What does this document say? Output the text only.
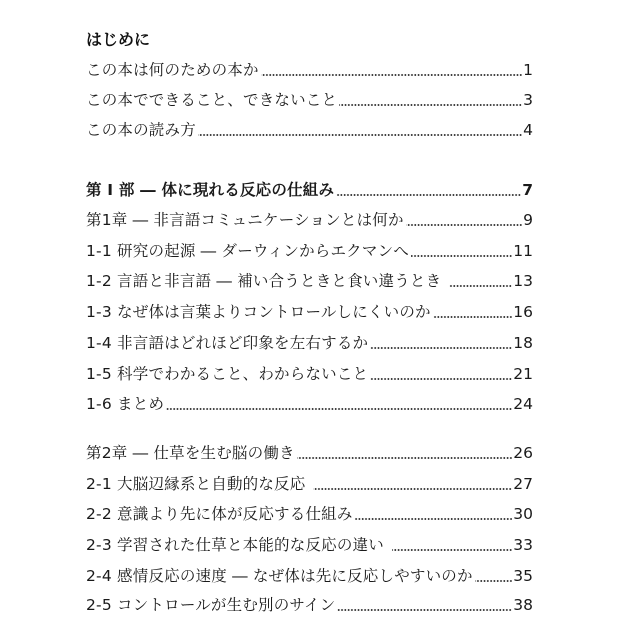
はじめに
この本は何のための本か	1
この本でできること、できないこと	3
この本の読み方	4
第 I 部 ― 体に現れる反応の仕組み	7
第1章 ― 非言語コミュニケーションとは何か	9
1-1 研究の起源 ― ダーウィンからエクマンへ	11
1-2 言語と非言語 ― 補い合うときと食い違うとき	13
1-3 なぜ体は言葉よりコントロールしにくいのか	16
1-4 非言語はどれほど印象を左右するか	18
1-5 科学でわかること、わからないこと	21
1-6 まとめ	24
第2章 ― 仕草を生む脳の働き	26
2-1 大脳辺縁系と自動的な反応	27
2-2 意識より先に体が反応する仕組み	30
2-3 学習された仕草と本能的な反応の違い	33
2-4 感情反応の速度 ― なぜ体は先に反応しやすいのか	35
2-5 コントロールが生む別のサイン	38
